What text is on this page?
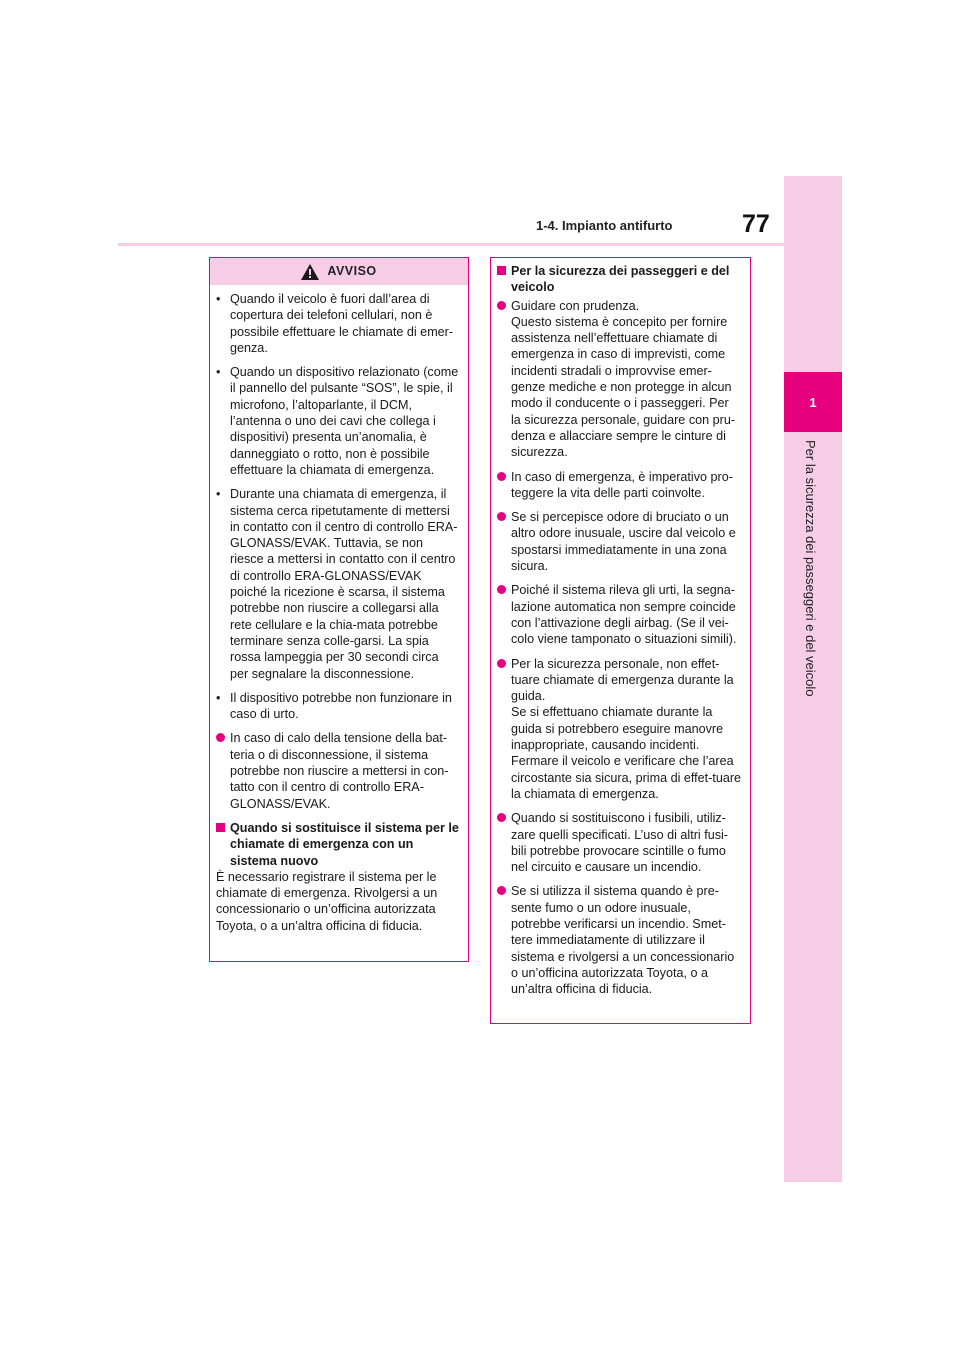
1
Per la sicurezza dei passeggeri e del veicolo
1-4. Impianto antifurto	77
AVVISO
• Quando il veicolo è fuori dall’area di copertura dei telefoni cellulari, non è possibile effettuare le chiamate di emer-genza.
• Quando un dispositivo relazionato (come il pannello del pulsante “SOS”, le spie, il microfono, l’altoparlante, il DCM, l’antenna o uno dei cavi che collega i dispositivi) presenta un’anomalia, è danneggiato o rotto, non è possibile effettuare la chiamata di emergenza.
• Durante una chiamata di emergenza, il sistema cerca ripetutamente di mettersi in contatto con il centro di controllo ERA-GLONASS/EVAK. Tuttavia, se non riesce a mettersi in contatto con il centro di controllo ERA-GLONASS/EVAK poiché la ricezione è scarsa, il sistema potrebbe non riuscire a collegarsi alla rete cellulare e la chia-mata potrebbe terminare senza colle-garsi. La spia rossa lampeggia per 30 secondi circa per segnalare la disconnessione.
• Il dispositivo potrebbe non funzionare in caso di urto.
In caso di calo della tensione della bat-teria o di disconnessione, il sistema potrebbe non riuscire a mettersi in con-tatto con il centro di controllo ERA-GLONASS/EVAK.
Quando si sostituisce il sistema per le chiamate di emergenza con un sistema nuovo
È necessario registrare il sistema per le chiamate di emergenza. Rivolgersi a un concessionario o un’officina autorizzata Toyota, o a un’altra officina di fiducia.
Per la sicurezza dei passeggeri e del veicolo
Guidare con prudenza.
Questo sistema è concepito per fornire assistenza nell’effettuare chiamate di emergenza in caso di imprevisti, come incidenti stradali o improvvise emer-genze mediche e non protegge in alcun modo il conducente o i passeggeri. Per la sicurezza personale, guidare con pru-denza e allacciare sempre le cinture di sicurezza.
In caso di emergenza, è imperativo pro-teggere la vita delle parti coinvolte.
Se si percepisce odore di bruciato o un altro odore inusuale, uscire dal veicolo e spostarsi immediatamente in una zona sicura.
Poiché il sistema rileva gli urti, la segna-lazione automatica non sempre coincide con l’attivazione degli airbag. (Se il vei-colo viene tamponato o situazioni simili).
Per la sicurezza personale, non effet-tuare chiamate di emergenza durante la guida.
Se si effettuano chiamate durante la guida si potrebbero eseguire manovre inappropriate, causando incidenti. Fermare il veicolo e verificare che l’area circostante sia sicura, prima di effet-tuare la chiamata di emergenza.
Quando si sostituiscono i fusibili, utiliz-zare quelli specificati. L’uso di altri fusi-bili potrebbe provocare scintille o fumo nel circuito e causare un incendio.
Se si utilizza il sistema quando è pre-sente fumo o un odore inusuale, potrebbe verificarsi un incendio. Smet-tere immediatamente di utilizzare il sistema e rivolgersi a un concessionario o un’officina autorizzata Toyota, o a un’altra officina di fiducia.
